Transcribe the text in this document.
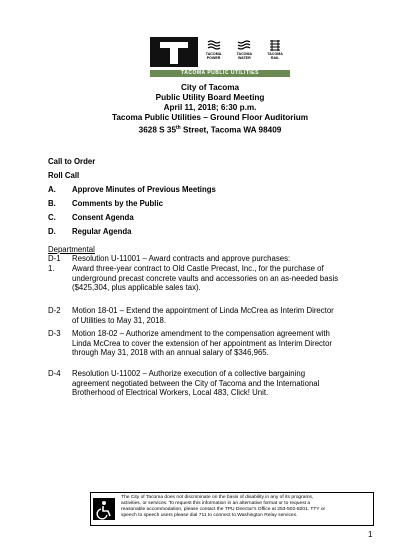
TACOMA
POWER
TACOMA
WATER
TACOMA
RAIL
TACOMA PUBLIC UTILITIES
City of Tacoma
Public Utility Board Meeting
April 11, 2018; 6:30 p.m.
Tacoma Public Utilities – Ground Floor Auditorium
3628 S 35th Street, Tacoma WA 98409
Call to Order
Roll Call
A. Approve Minutes of Previous Meetings
B. Comments by the Public
C. Consent Agenda
D. Regular Agenda
Departmental
D-1 Resolution U-11001 – Award contracts and approve purchases:
1. Award three-year contract to Old Castle Precast, Inc., for the purchase of
underground precast concrete vaults and accessories on an as-needed basis
($425,304, plus applicable sales tax).
D-2 Motion 18-01 – Extend the appointment of Linda McCrea as Interim Director
of Utilities to May 31, 2018.
D-3 Motion 18-02 – Authorize amendment to the compensation agreement with
Linda McCrea to cover the extension of her appointment as Interim Director
through May 31, 2018 with an annual salary of $346,965.
D-4 Resolution U-11002 – Authorize execution of a collective bargaining
agreement negotiated between the City of Tacoma and the International
Brotherhood of Electrical Workers, Local 483, Click! Unit.
The City of Tacoma does not discriminate on the basis of disability in any of its programs,
activities, or services. To request this information in an alternative format or to request a
reasonable accommodation, please contact the TPU Director's Office at 253-502-8201. TTY or
speech to speech users please dial 711 to connect to Washington Relay services.
1
